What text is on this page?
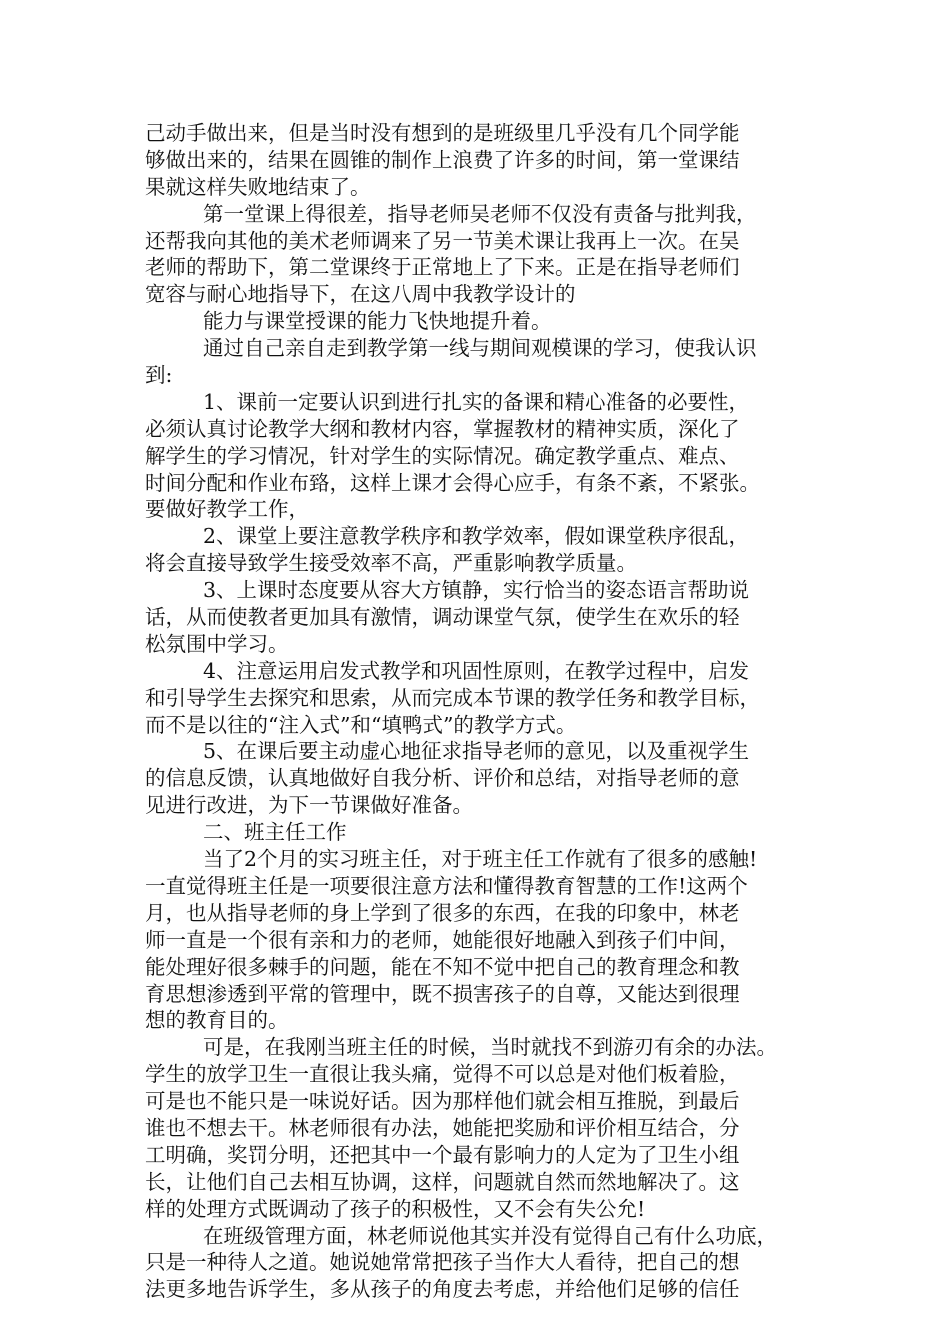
己动手做出来，但是当时没有想到的是班级里几乎没有几个同学能
够做出来的，结果在圆锥的制作上浪费了许多的时间，第一堂课结
果就这样失败地结束了。
第一堂课上得很差，指导老师吴老师不仅没有责备与批判我，
还帮我向其他的美术老师调来了另一节美术课让我再上一次。在吴
老师的帮助下，第二堂课终于正常地上了下来。正是在指导老师们
宽容与耐心地指导下，在这八周中我教学设计的
能力与课堂授课的能力飞快地提升着。
通过自己亲自走到教学第一线与期间观模课的学习，使我认识
到:
1、课前一定要认识到进行扎实的备课和精心准备的必要性，
必须认真讨论教学大纲和教材内容，掌握教材的精神实质，深化了
解学生的学习情况，针对学生的实际情况。确定教学重点、难点、
时间分配和作业布臵，这样上课才会得心应手，有条不紊，不紧张。
要做好教学工作，
2、课堂上要注意教学秩序和教学效率，假如课堂秩序很乱，
将会直接导致学生接受效率不高，严重影响教学质量。
3、上课时态度要从容大方镇静，实行恰当的姿态语言帮助说
话，从而使教者更加具有激情，调动课堂气氛，使学生在欢乐的轻
松氛围中学习。
4、注意运用启发式教学和巩固性原则，在教学过程中，启发
和引导学生去探究和思索，从而完成本节课的教学任务和教学目标，
而不是以往的“注入式”和“填鸭式”的教学方式。
5、在课后要主动虚心地征求指导老师的意见，以及重视学生
的信息反馈，认真地做好自我分析、评价和总结，对指导老师的意
见进行改进，为下一节课做好准备。
二、班主任工作
当了2个月的实习班主任，对于班主任工作就有了很多的感触!
一直觉得班主任是一项要很注意方法和懂得教育智慧的工作!这两个
月，也从指导老师的身上学到了很多的东西，在我的印象中，林老
师一直是一个很有亲和力的老师，她能很好地融入到孩子们中间，
能处理好很多棘手的问题，能在不知不觉中把自己的教育理念和教
育思想渗透到平常的管理中，既不损害孩子的自尊，又能达到很理
想的教育目的。
可是，在我刚当班主任的时候，当时就找不到游刃有余的办法。
学生的放学卫生一直很让我头痛，觉得不可以总是对他们板着脸，
可是也不能只是一味说好话。因为那样他们就会相互推脱，到最后
谁也不想去干。林老师很有办法，她能把奖励和评价相互结合，分
工明确，奖罚分明，还把其中一个最有影响力的人定为了卫生小组
长，让他们自己去相互协调，这样，问题就自然而然地解决了。这
样的处理方式既调动了孩子的积极性，又不会有失公允!
在班级管理方面，林老师说他其实并没有觉得自己有什么功底，
只是一种待人之道。她说她常常把孩子当作大人看待，把自己的想
法更多地告诉学生，多从孩子的角度去考虑，并给他们足够的信任
